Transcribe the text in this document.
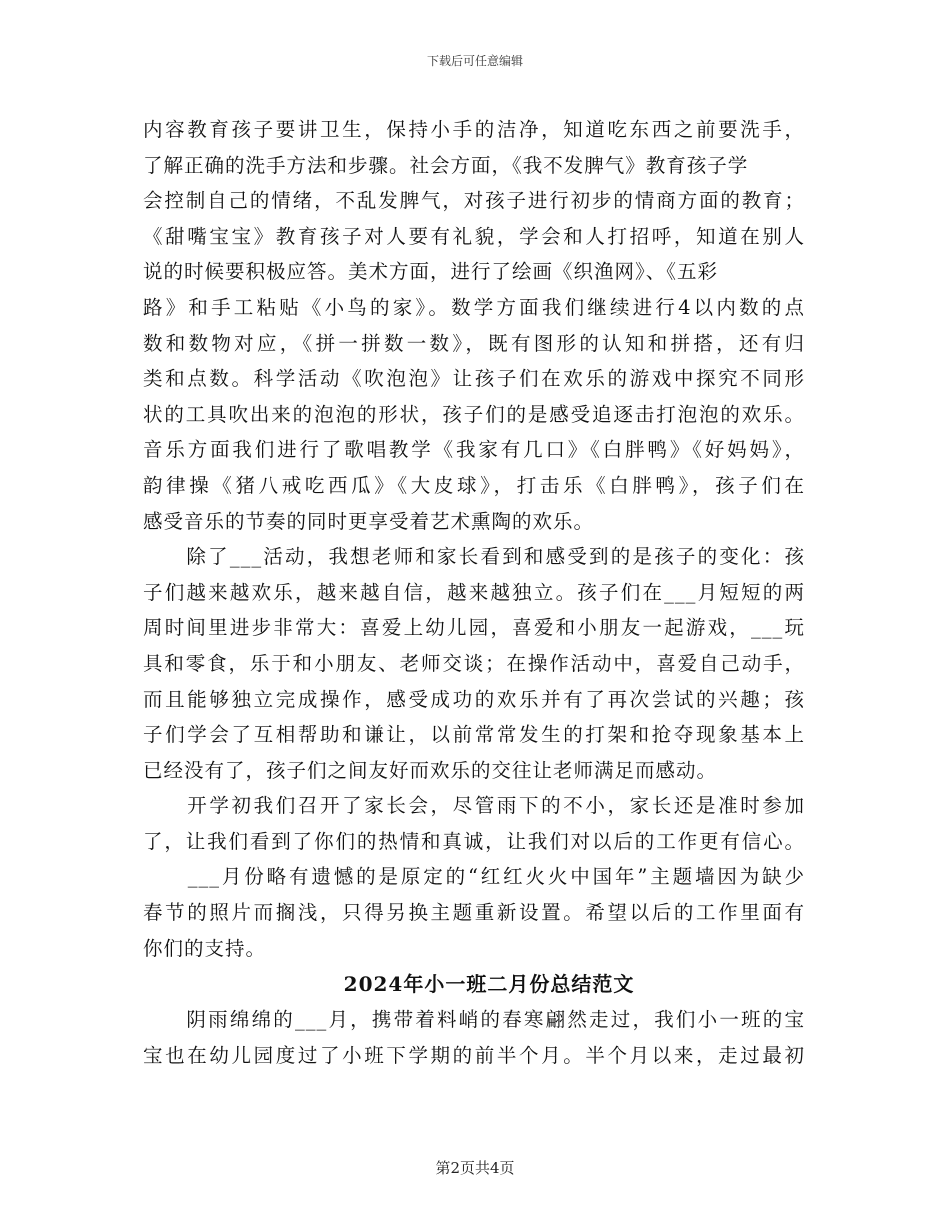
下载后可任意编辑
内容教育孩子要讲卫生，保持小手的洁净，知道吃东西之前要洗手，
了解正确的洗手方法和步骤。社会方面，《我不发脾气》教育孩子学
会控制自己的情绪，不乱发脾气，对孩子进行初步的情商方面的教育；
《甜嘴宝宝》教育孩子对人要有礼貌，学会和人打招呼，知道在别人
说的时候要积极应答。美术方面，进行了绘画《织渔网》、《五彩
路》和手工粘贴《小鸟的家》。数学方面我们继续进行4以内数的点
数和数物对应，《拼一拼数一数》，既有图形的认知和拼搭，还有归
类和点数。科学活动《吹泡泡》让孩子们在欢乐的游戏中探究不同形
状的工具吹出来的泡泡的形状，孩子们的是感受追逐击打泡泡的欢乐。
音乐方面我们进行了歌唱教学《我家有几口》《白胖鸭》《好妈妈》，
韵律操《猪八戒吃西瓜》《大皮球》，打击乐《白胖鸭》，孩子们在
感受音乐的节奏的同时更享受着艺术熏陶的欢乐。
　　除了___活动，我想老师和家长看到和感受到的是孩子的变化：孩
子们越来越欢乐，越来越自信，越来越独立。孩子们在___月短短的两
周时间里进步非常大：喜爱上幼儿园，喜爱和小朋友一起游戏，___玩
具和零食，乐于和小朋友、老师交谈；在操作活动中，喜爱自己动手，
而且能够独立完成操作，感受成功的欢乐并有了再次尝试的兴趣；孩
子们学会了互相帮助和谦让，以前常常发生的打架和抢夺现象基本上
已经没有了，孩子们之间友好而欢乐的交往让老师满足而感动。
　　开学初我们召开了家长会，尽管雨下的不小，家长还是准时参加
了，让我们看到了你们的热情和真诚，让我们对以后的工作更有信心。
　　___月份略有遗憾的是原定的“红红火火中国年”主题墙因为缺少
春节的照片而搁浅，只得另换主题重新设置。希望以后的工作里面有
你们的支持。
2024年小一班二月份总结范文
　　阴雨绵绵的___月，携带着料峭的春寒翩然走过，我们小一班的宝
宝也在幼儿园度过了小班下学期的前半个月。半个月以来，走过最初
第2页共4页
